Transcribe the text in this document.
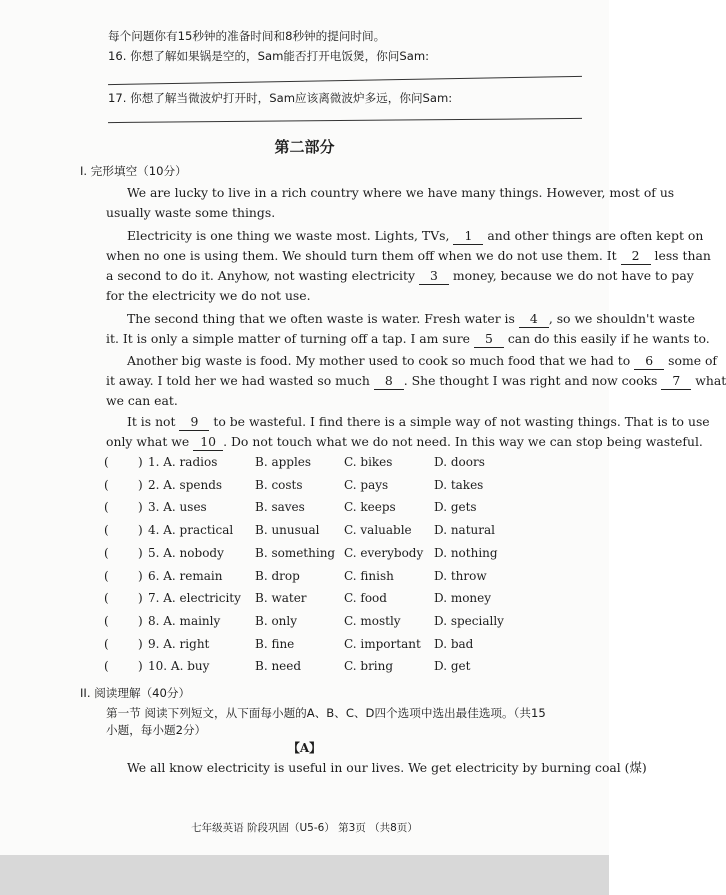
每个问题你有15秒钟的准备时间和8秒钟的提问时间。
16. 你想了解如果锅是空的，Sam能否打开电饭煲，你问Sam:
17. 你想了解当微波炉打开时，Sam应该离微波炉多远，你问Sam:
第二部分
I. 完形填空（10分）
We are lucky to live in a rich country where we have many things. However, most of us
usually waste some things.
Electricity is one thing we waste most. Lights, TVs, 1 and other things are often kept on
when no one is using them. We should turn them off when we do not use them. It 2 less than
a second to do it. Anyhow, not wasting electricity 3 money, because we do not have to pay
for the electricity we do not use.
The second thing that we often waste is water. Fresh water is 4 , so we shouldn't waste
it. It is only a simple matter of turning off a tap. I am sure 5 can do this easily if he wants to.
Another big waste is food. My mother used to cook so much food that we had to 6 some of
it away. I told her we had wasted so much 8 . She thought I was right and now cooks 7 what
we can eat.
It is not 9 to be wasteful. I find there is a simple way of not wasting things. That is to use
only what we 10 . Do not touch what we do not need. In this way we can stop being wasteful.
( ) 1. A. radios	B. apples	C. bikes	D. doors
( ) 2. A. spends	B. costs	C. pays	D. takes
( ) 3. A. uses	B. saves	C. keeps	D. gets
( ) 4. A. practical B. unusual C. valuable D. natural
( ) 5. A. nobody	B. something C. everybody D. nothing
( ) 6. A. remain	B. drop	C. finish	D. throw
( ) 7. A. electricity B. water	C. food	D. money
( ) 8. A. mainly	B. only	C. mostly	D. specially
( ) 9. A. right	B. fine	C. important D. bad
( ) 10. A. buy	B. need	C. bring	D. get
II. 阅读理解（40分）
第一节 阅读下列短文，从下面每小题的A、B、C、D四个选项中选出最佳选项。（共15
小题，每小题2分）
【A】
We all know electricity is useful in our lives. We get electricity by burning coal (煤)
七年级英语 阶段巩固（U5-6） 第3页 （共8页）
